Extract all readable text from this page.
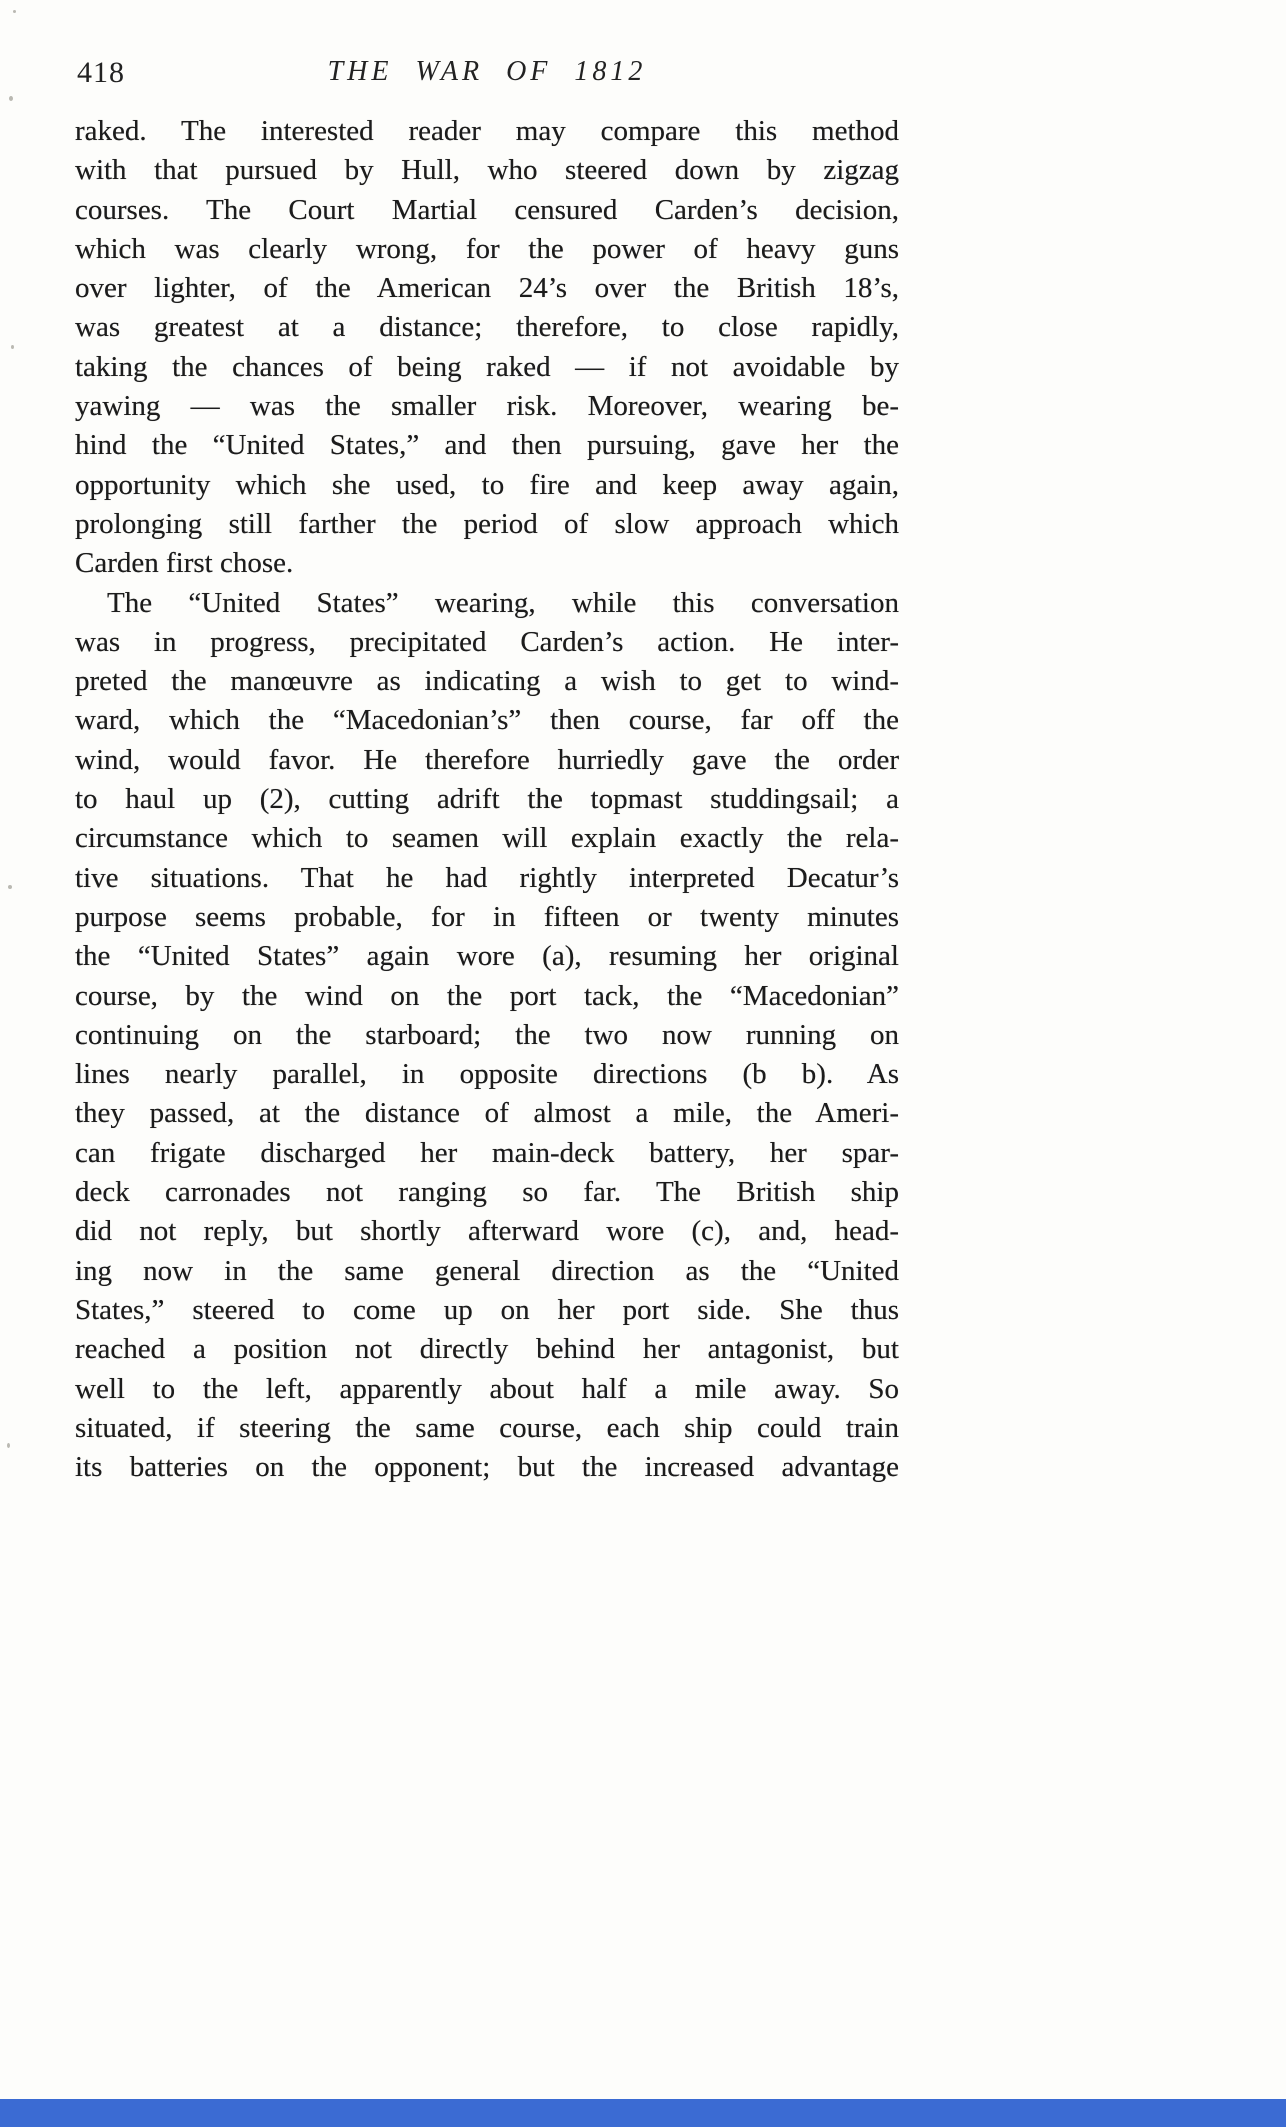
418	THE WAR OF 1812
raked. The interested reader may compare this method
with that pursued by Hull, who steered down by zigzag
courses. The Court Martial censured Carden’s decision,
which was clearly wrong, for the power of heavy guns
over lighter, of the American 24’s over the British 18’s,
was greatest at a distance; therefore, to close rapidly,
taking the chances of being raked — if not avoidable by
yawing — was the smaller risk. Moreover, wearing be-
hind the “United States,” and then pursuing, gave her the
opportunity which she used, to fire and keep away again,
prolonging still farther the period of slow approach which
Carden first chose.
The “United States” wearing, while this conversation
was in progress, precipitated Carden’s action. He inter-
preted the manœuvre as indicating a wish to get to wind-
ward, which the “Macedonian’s” then course, far off the
wind, would favor. He therefore hurriedly gave the order
to haul up (2), cutting adrift the topmast studdingsail; a
circumstance which to seamen will explain exactly the rela-
tive situations. That he had rightly interpreted Decatur’s
purpose seems probable, for in fifteen or twenty minutes
the “United States” again wore (a), resuming her original
course, by the wind on the port tack, the “Macedonian”
continuing on the starboard; the two now running on
lines nearly parallel, in opposite directions (b b). As
they passed, at the distance of almost a mile, the Ameri-
can frigate discharged her main-deck battery, her spar-
deck carronades not ranging so far. The British ship
did not reply, but shortly afterward wore (c), and, head-
ing now in the same general direction as the “United
States,” steered to come up on her port side. She thus
reached a position not directly behind her antagonist, but
well to the left, apparently about half a mile away. So
situated, if steering the same course, each ship could train
its batteries on the opponent; but the increased advantage
